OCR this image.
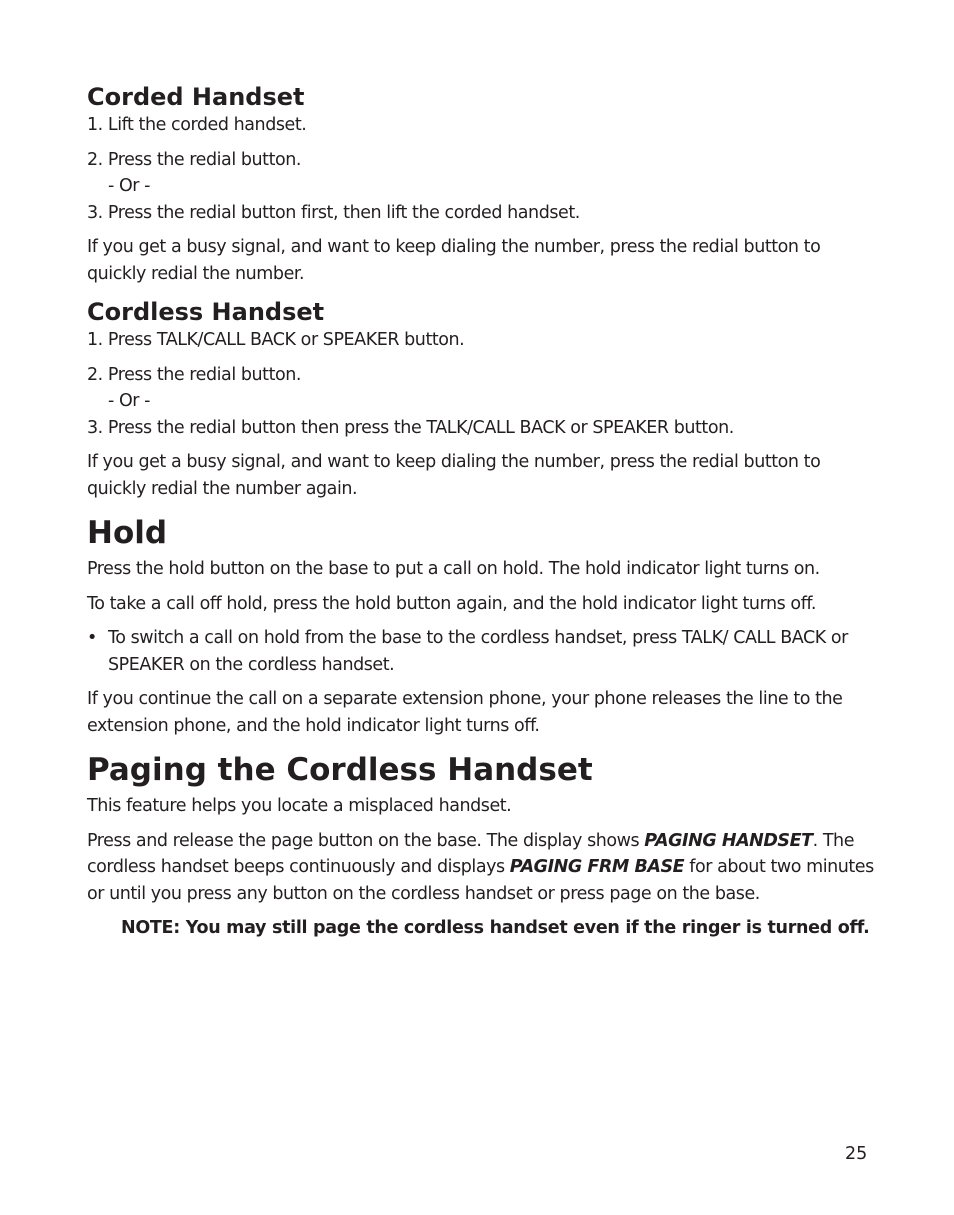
Corded Handset

1. Lift the corded handset.

2. Press the redial button.

- Or -

3. Press the redial button first, then lift the corded handset.

If you get a busy signal, and want to keep dialing the number, press the redial button to quickly redial the number.

Cordless Handset

1. Press TALK/CALL BACK or SPEAKER button.

2. Press the redial button.

- Or -

3. Press the redial button then press the TALK/CALL BACK or SPEAKER button.

If you get a busy signal, and want to keep dialing the number, press the redial button to quickly redial the number again.

Hold

Press the hold button on the base to put a call on hold. The hold indicator light turns on.

To take a call off hold, press the hold button again, and the hold indicator light turns off.

• To switch a call on hold from the base to the cordless handset, press TALK/ CALL BACK or SPEAKER on the cordless handset.

If you continue the call on a separate extension phone, your phone releases the line to the extension phone, and the hold indicator light turns off.

Paging the Cordless Handset

This feature helps you locate a misplaced handset.

Press and release the page button on the base. The display shows PAGING HANDSET. The cordless handset beeps continuously and displays PAGING FRM BASE for about two minutes or until you press any button on the cordless handset or press page on the base.

NOTE: You may still page the cordless handset even if the ringer is turned off.

25
